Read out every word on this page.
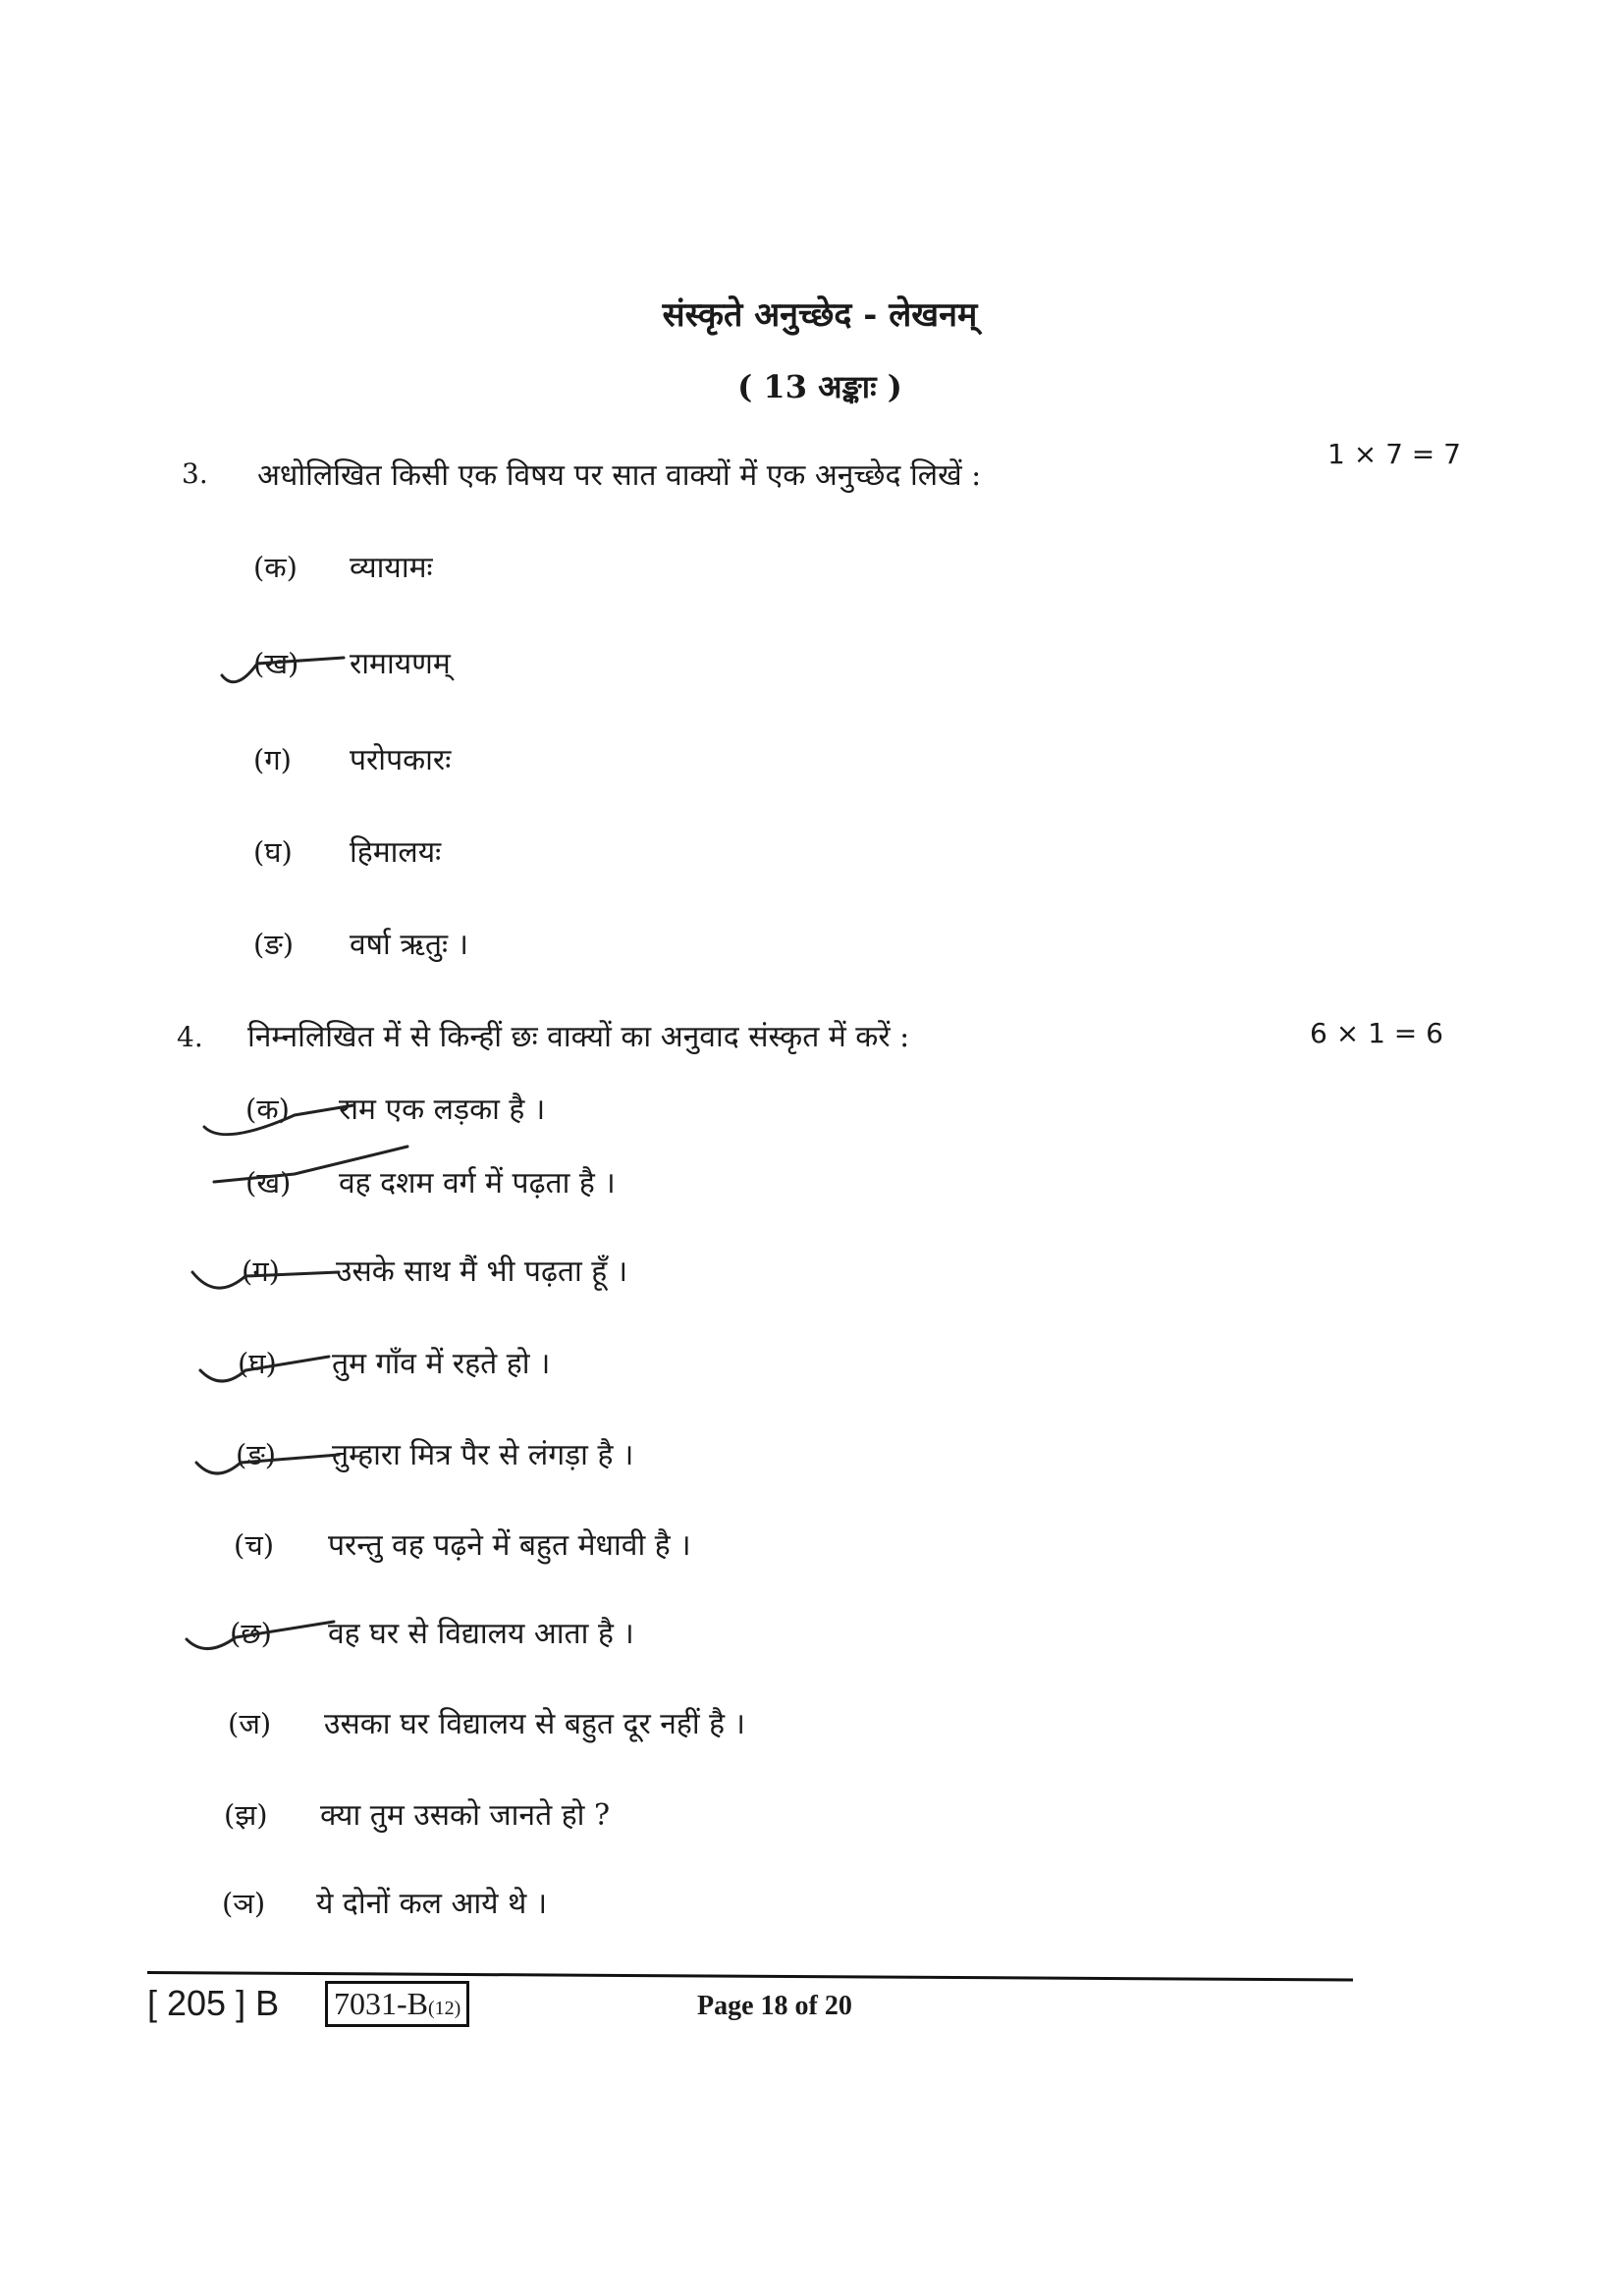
संस्कृते अनुच्छेद - लेखनम्
( 13 अङ्काः )
3. अधोलिखित किसी एक विषय पर सात वाक्यों में एक अनुच्छेद लिखें :
1 × 7 = 7
(क) व्यायामः
(ख) रामायणम्
(ग) परोपकारः
(घ) हिमालयः
(ङ) वर्षा ऋतुः ।
4. निम्नलिखित में से किन्हीं छः वाक्यों का अनुवाद संस्कृत में करें :	6 × 1 = 6
(क) राम एक लड़का है ।
(ख) वह दशम वर्ग में पढ़ता है ।
(ग) उसके साथ मैं भी पढ़ता हूँ ।
(घ) तुम गाँव में रहते हो ।
(ङ) तुम्हारा मित्र पैर से लंगड़ा है ।
(च) परन्तु वह पढ़ने में बहुत मेधावी है ।
(छ) वह घर से विद्यालय आता है ।
(ज) उसका घर विद्यालय से बहुत दूर नहीं है ।
(झ) क्या तुम उसको जानते हो ?
(ञ) ये दोनों कल आये थे ।
[ 205 ] B 7031-B(12)	Page 18 of 20
